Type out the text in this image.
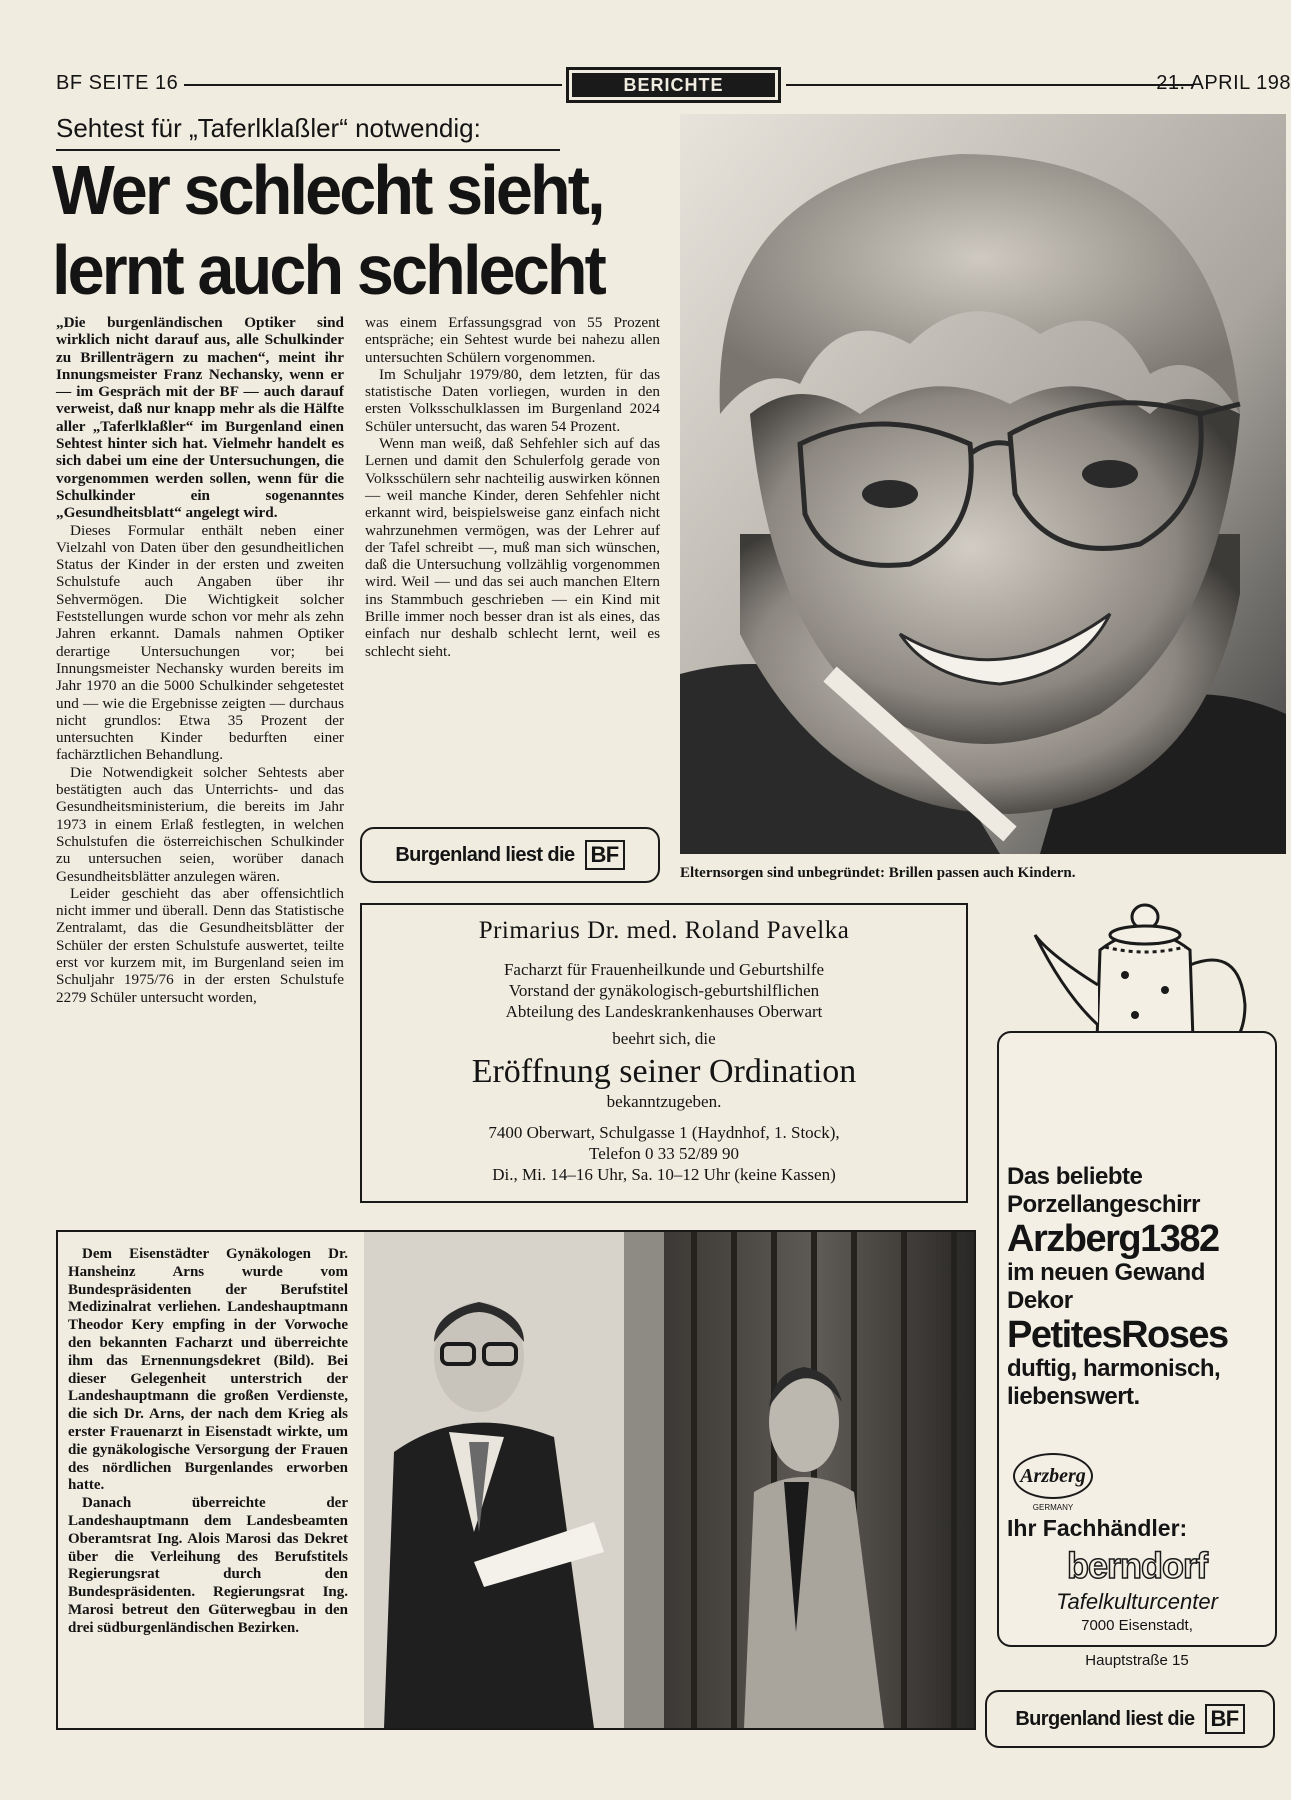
BF SEITE 16	BERICHTE	21. APRIL 198
Sehtest für „Taferlklaßler“ notwendig:
Wer schlecht sieht,
lernt auch schlecht

„Die burgenländischen Optiker sind wirklich nicht darauf aus, alle Schulkinder zu Brillenträgern zu machen“, meint ihr Innungsmeister Franz Nechansky, wenn er — im Gespräch mit der BF — auch darauf verweist, daß nur knapp mehr als die Hälfte aller „Taferlklaßler“ im Burgenland einen Sehtest hinter sich hat. Vielmehr handelt es sich dabei um eine der Untersuchungen, die vorgenommen werden sollen, wenn für die Schulkinder ein sogenanntes „Gesundheitsblatt“ angelegt wird.

Dieses Formular enthält neben einer Vielzahl von Daten über den gesundheitlichen Status der Kinder in der ersten und zweiten Schulstufe auch Angaben über ihr Sehvermögen. Die Wichtigkeit solcher Feststellungen wurde schon vor mehr als zehn Jahren erkannt. Damals nahmen Optiker derartige Untersuchungen vor; bei Innungsmeister Nechansky wurden bereits im Jahr 1970 an die 5000 Schulkinder sehgetestet und — wie die Ergebnisse zeigten — durchaus nicht grundlos: Etwa 35 Prozent der untersuchten Kinder bedurften einer fachärztlichen Behandlung.

Die Notwendigkeit solcher Sehtests aber bestätigten auch das Unterrichts- und das Gesundheitsministerium, die bereits im Jahr 1973 in einem Erlaß festlegten, in welchen Schulstufen die österreichischen Schulkinder zu untersuchen seien, worüber danach Gesundheitsblätter anzulegen wären.

Leider geschieht das aber offensichtlich nicht immer und überall. Denn das Statistische Zentralamt, das die Gesundheitsblätter der Schüler der ersten Schulstufe auswertet, teilte erst vor kurzem mit, im Burgenland seien im Schuljahr 1975/76 in der ersten Schulstufe 2279 Schüler untersucht worden,

was einem Erfassungsgrad von 55 Prozent entspräche; ein Sehtest wurde bei nahezu allen untersuchten Schülern vorgenommen.

Im Schuljahr 1979/80, dem letzten, für das statistische Daten vorliegen, wurden in den ersten Volksschulklassen im Burgenland 2024 Schüler untersucht, das waren 54 Prozent.

Wenn man weiß, daß Sehfehler sich auf das Lernen und damit den Schulerfolg gerade von Volksschülern sehr nachteilig auswirken können — weil manche Kinder, deren Sehfehler nicht erkannt wird, beispielsweise ganz einfach nicht wahrzunehmen vermögen, was der Lehrer auf der Tafel schreibt —, muß man sich wünschen, daß die Untersuchung vollzählig vorgenommen wird. Weil — und das sei auch manchen Eltern ins Stammbuch geschrieben — ein Kind mit Brille immer noch besser dran ist als eines, das einfach nur deshalb schlecht lernt, weil es schlecht sieht.

Burgenland liest die BF
Elternsorgen sind unbegründet: Brillen passen auch Kindern.
Primarius Dr. med. Roland Pavelka
Facharzt für Frauenheilkunde und Geburtshilfe
Vorstand der gynäkologisch-geburtshilflichen
Abteilung des Landeskrankenhauses Oberwart
beehrt sich, die
Eröffnung seiner Ordination
bekanntzugeben.
7400 Oberwart, Schulgasse 1 (Haydnhof, 1. Stock),
Telefon 0 33 52/89 90
Di., Mi. 14–16 Uhr, Sa. 10–12 Uhr (keine Kassen)	Das beliebte
Porzellangeschirr
Arzberg1382
im neuen Gewand
Dekor
PetitesRoses
duftig, harmonisch,
liebenswert.
Arzberg
GERMANY
Ihr Fachhändler:
berndorf
Tafelkulturcenter
7000 Eisenstadt,
Hauptstraße 15
Burgenland liest die BF

Dem Eisenstädter Gynäkologen Dr. Hansheinz Arns wurde vom Bundespräsidenten der Berufstitel Medizinalrat verliehen. Landeshauptmann Theodor Kery empfing in der Vorwoche den bekannten Facharzt und überreichte ihm das Ernennungsdekret (Bild). Bei dieser Gelegenheit unterstrich der Landeshauptmann die großen Verdienste, die sich Dr. Arns, der nach dem Krieg als erster Frauenarzt in Eisenstadt wirkte, um die gynäkologische Versorgung der Frauen des nördlichen Burgenlandes erworben hatte.

Danach überreichte der Landeshauptmann dem Landesbeamten Oberamtsrat Ing. Alois Marosi das Dekret über die Verleihung des Berufstitels Regierungsrat durch den Bundespräsidenten. Regierungsrat Ing. Marosi betreut den Güterwegbau in den drei südburgenländischen Bezirken.
